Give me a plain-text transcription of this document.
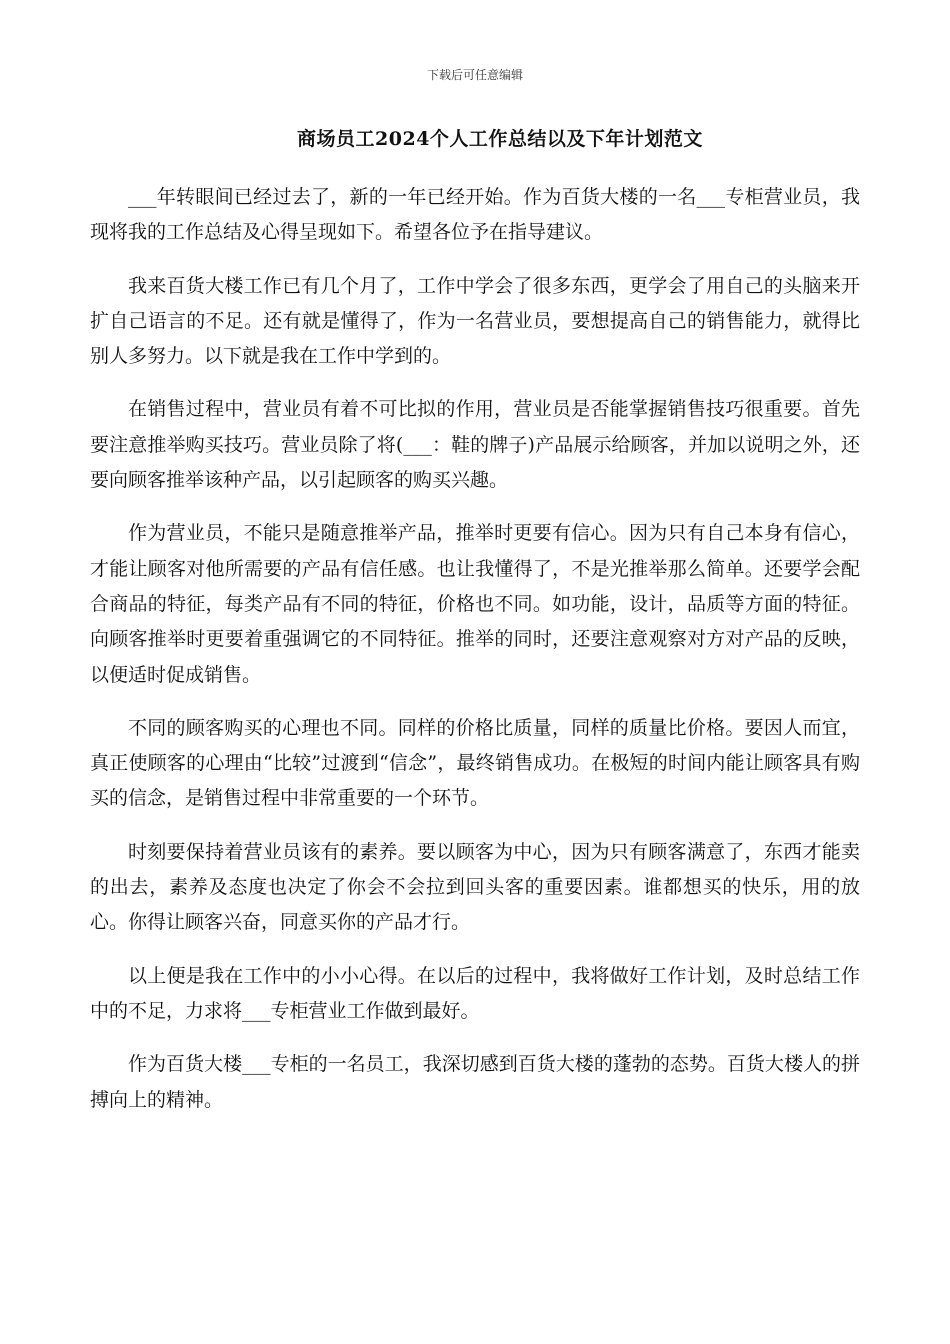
下载后可任意编辑
商场员工2024个人工作总结以及下年计划范文

___年转眼间已经过去了，新的一年已经开始。作为百货大楼的一名___专柜营业员，我现将我的工作总结及心得呈现如下。希望各位予在指导建议。

我来百货大楼工作已有几个月了，工作中学会了很多东西，更学会了用自己的头脑来开扩自己语言的不足。还有就是懂得了，作为一名营业员，要想提高自己的销售能力，就得比别人多努力。以下就是我在工作中学到的。

在销售过程中，营业员有着不可比拟的作用，营业员是否能掌握销售技巧很重要。首先要注意推举购买技巧。营业员除了将(___：鞋的牌子)产品展示给顾客，并加以说明之外，还要向顾客推举该种产品，以引起顾客的购买兴趣。

作为营业员，不能只是随意推举产品，推举时更要有信心。因为只有自己本身有信心，才能让顾客对他所需要的产品有信任感。也让我懂得了，不是光推举那么简单。还要学会配合商品的特征，每类产品有不同的特征，价格也不同。如功能，设计，品质等方面的特征。向顾客推举时更要着重强调它的不同特征。推举的同时，还要注意观察对方对产品的反映，以便适时促成销售。

不同的顾客购买的心理也不同。同样的价格比质量，同样的质量比价格。要因人而宜，真正使顾客的心理由“比较”过渡到“信念”，最终销售成功。在极短的时间内能让顾客具有购买的信念，是销售过程中非常重要的一个环节。

时刻要保持着营业员该有的素养。要以顾客为中心，因为只有顾客满意了，东西才能卖的出去，素养及态度也决定了你会不会拉到回头客的重要因素。谁都想买的快乐，用的放心。你得让顾客兴奋，同意买你的产品才行。

以上便是我在工作中的小小心得。在以后的过程中，我将做好工作计划，及时总结工作中的不足，力求将___专柜营业工作做到最好。

作为百货大楼___专柜的一名员工，我深切感到百货大楼的蓬勃的态势。百货大楼人的拼搏向上的精神。
